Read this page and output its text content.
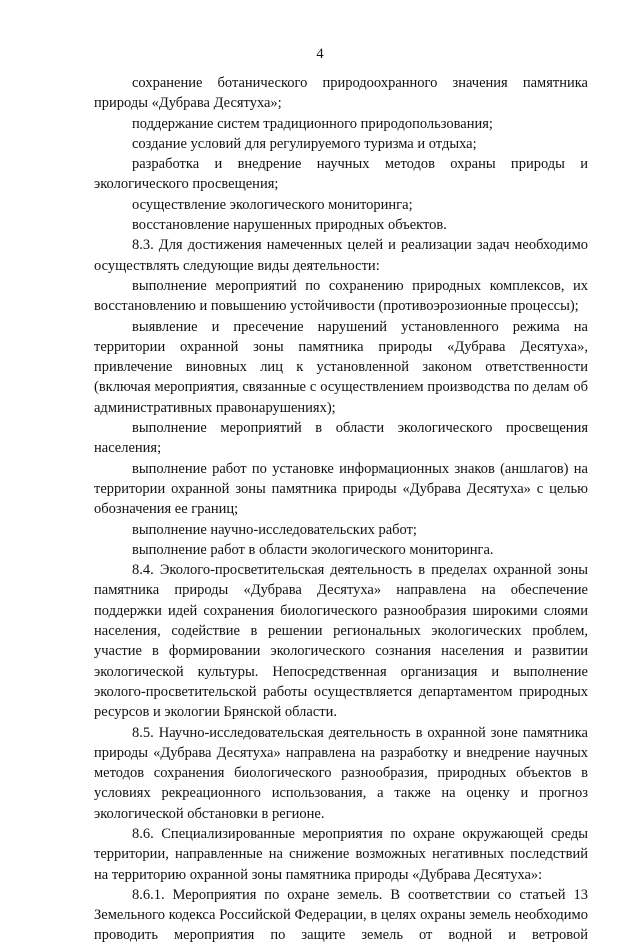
4

сохранение ботанического природоохранного значения памятника природы «Дубрава Десятуха»;

поддержание систем традиционного природопользования;

создание условий для регулируемого туризма и отдыха;

разработка и внедрение научных методов охраны природы и экологического просвещения;

осуществление экологического мониторинга;

восстановление нарушенных природных объектов.

8.3. Для достижения намеченных целей и реализации задач необходимо осуществлять следующие виды деятельности:

выполнение мероприятий по сохранению природных комплексов, их восстановлению и повышению устойчивости (противоэрозионные процессы);

выявление и пресечение нарушений установленного режима на территории охранной зоны памятника природы «Дубрава Десятуха», привлечение виновных лиц к установленной законом ответственности (включая мероприятия, связанные с осуществлением производства по делам об административных правонарушениях);

выполнение мероприятий в области экологического просвещения населения;

выполнение работ по установке информационных знаков (аншлагов) на территории охранной зоны памятника природы «Дубрава Десятуха» с целью обозначения ее границ;

выполнение научно-исследовательских работ;

выполнение работ в области экологического мониторинга.

8.4. Эколого-просветительская деятельность в пределах охранной зоны памятника природы «Дубрава Десятуха» направлена на обеспечение поддержки идей сохранения биологического разнообразия широкими слоями населения, содействие в решении региональных экологических проблем, участие в формировании экологического сознания населения и развитии экологической культуры. Непосредственная организация и выполнение эколого-просветительской работы осуществляется департаментом природных ресурсов и экологии Брянской области.

8.5. Научно-исследовательская деятельность в охранной зоне памятника природы «Дубрава Десятуха» направлена на разработку и внедрение научных методов сохранения биологического разнообразия, природных объектов в условиях рекреационного использования, а также на оценку и прогноз экологической обстановки в регионе.

8.6. Специализированные мероприятия по охране окружающей среды территории, направленные на снижение возможных негативных последствий на территорию охранной зоны памятника природы «Дубрава Десятуха»:

8.6.1. Мероприятия по охране земель. В соответствии со статьей 13 Земельного кодекса Российской Федерации, в целях охраны земель необходимо проводить мероприятия по защите земель от водной и ветровой
